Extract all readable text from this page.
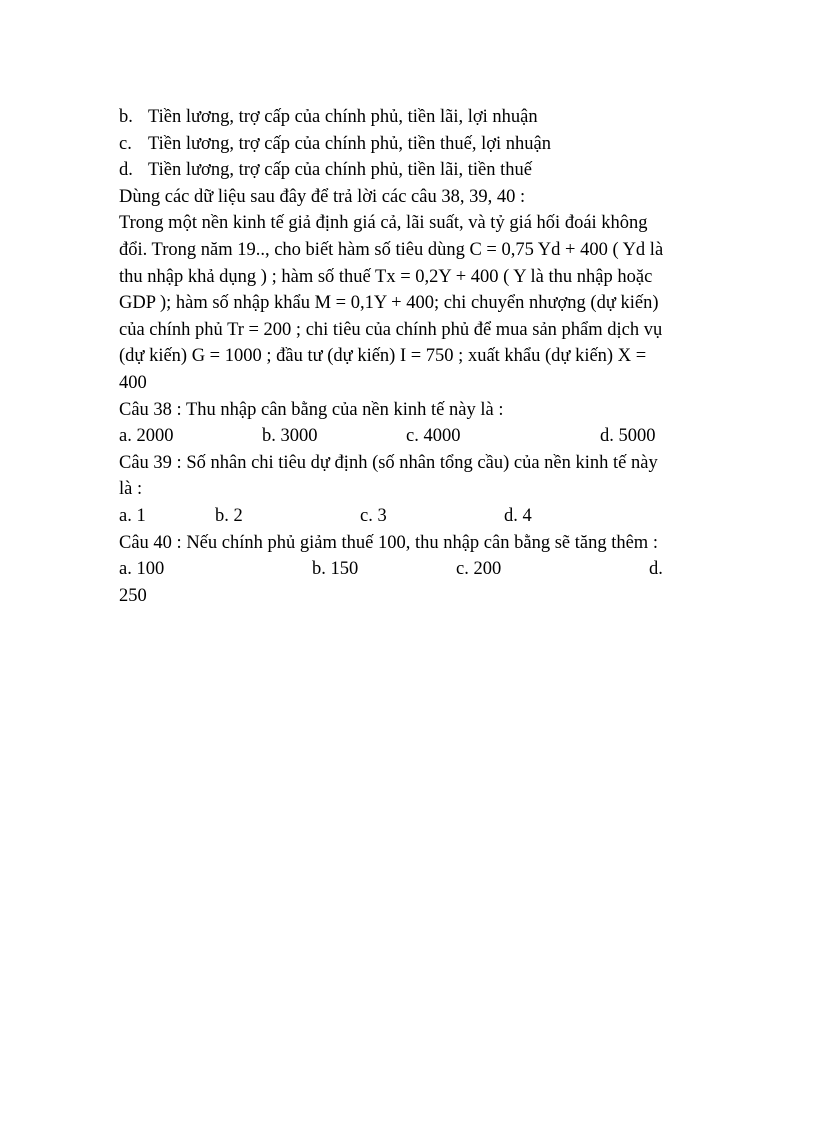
b. Tiền lương, trợ cấp của chính phủ, tiền lãi, lợi nhuận
c. Tiền lương, trợ cấp của chính phủ, tiền thuế, lợi nhuận
d. Tiền lương, trợ cấp của chính phủ, tiền lãi, tiền thuế
Dùng các dữ liệu sau đây để trả lời các câu 38, 39, 40 :
Trong một nền kinh tế giả định giá cả, lãi suất, và tỷ giá hối đoái không
đổi. Trong năm 19.., cho biết hàm số tiêu dùng C = 0,75 Yd + 400 ( Yd là
thu nhập khả dụng ) ; hàm số thuế Tx = 0,2Y + 400 ( Y là thu nhập hoặc
GDP ); hàm số nhập khẩu M = 0,1Y + 400; chi chuyển nhượng (dự kiến)
của chính phủ Tr = 200 ; chi tiêu của chính phủ để mua sản phẩm dịch vụ
(dự kiến) G = 1000 ; đầu tư (dự kiến) I = 750 ; xuất khẩu (dự kiến) X =
400
Câu 38 : Thu nhập cân bằng của nền kinh tế này là :
a. 2000	b. 3000	c. 4000	d. 5000
Câu 39 : Số nhân chi tiêu dự định (số nhân tổng cầu) của nền kinh tế này
là :
a. 1	b. 2	c. 3	d. 4
Câu 40 : Nếu chính phủ giảm thuế 100, thu nhập cân bằng sẽ tăng thêm :
a. 100	b. 150	c. 200	d.
250
